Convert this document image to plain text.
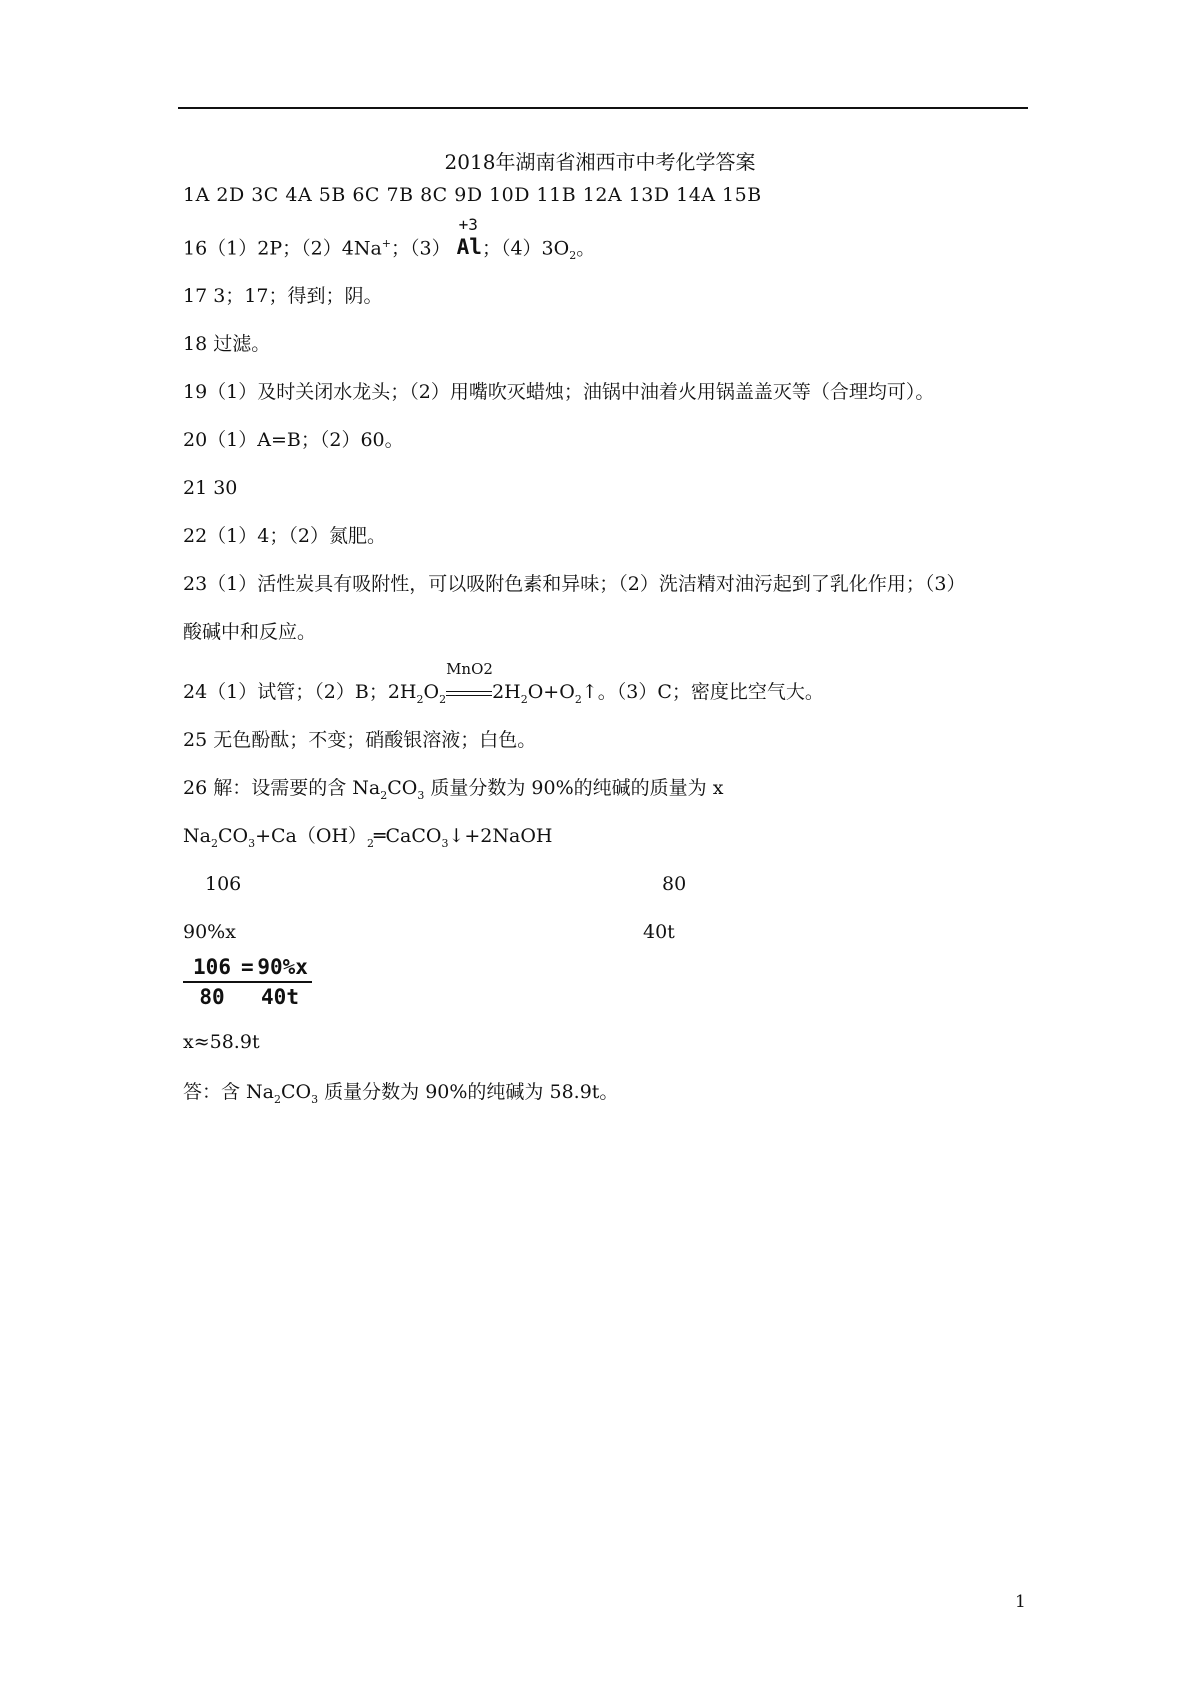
2018年湖南省湘西市中考化学答案
1A 2D 3C 4A 5B 6C 7B 8C 9D 10D 11B 12A 13D 14A 15B
16（1）2P；（2）4Na+；（3）
+3
Al；$(4)3O_2$。
17 3；17；得到；阴。
18 过滤。
19（1）及时关闭水龙头；（2）用嘴吹灭蜡烛；油锅中油着火用锅盖盖灭等（合理均可）。
20（1）A=B；（2）60。
21 30
22（1）4；（2）氮肥。
23（1）活性炭具有吸附性，可以吸附色素和异味；（2）洗洁精对油污起到了乳化作用；（3）
酸碱中和反应。
24（1）试管；（2）B；$2H_2O_2$
MnO2
$2H_2O+O_2↑$。（3）C；密度比空气大。
25 无色酚酞；不变；硝酸银溶液；白色。
26 解：设需要的含 $Na_2CO_3$ 质量分数为 90%的纯碱的质量为 x
$Na_2CO_3+Ca(OH)_2═CaCO_3↓+2NaOH$
106	80
90%x	40t
106 = 90%x
80	40t
x≈58.9t
答：含 $Na_2CO_3$ 质量分数为 90%的纯碱为 58.9t。
1
